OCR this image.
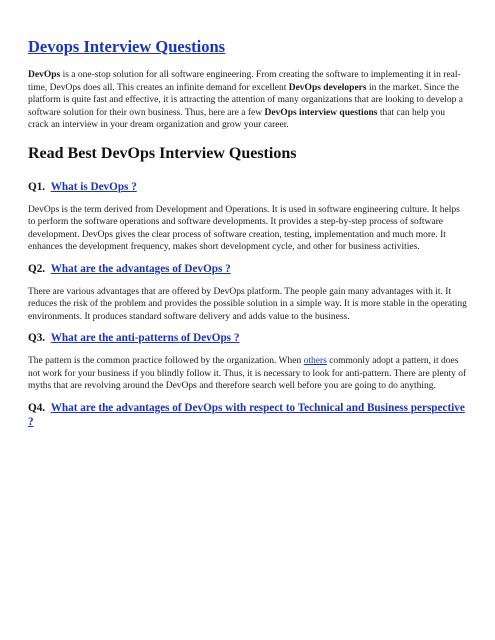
Devops Interview Questions

DevOps is a one-stop solution for all software engineering. From creating the software to implementing it in real-time, DevOps does all. This creates an infinite demand for excellent DevOps developers in the market. Since the platform is quite fast and effective, it is attracting the attention of many organizations that are looking to develop a software solution for their own business. Thus, here are a few DevOps interview questions that can help you crack an interview in your dream organization and grow your career.

Read Best DevOps Interview Questions
Q1. What is DevOps ?

DevOps is the term derived from Development and Operations. It is used in software engineering culture. It helps to perform the software operations and software developments. It provides a step-by-step process of software development. DevOps gives the clear process of software creation, testing, implementation and much more. It enhances the development frequency, makes short development cycle, and other for business activities.

Q2. What are the advantages of DevOps ?

There are various advantages that are offered by DevOps platform. The people gain many advantages with it. It reduces the risk of the problem and provides the possible solution in a simple way. It is more stable in the operating environments. It produces standard software delivery and adds value to the business.

Q3. What are the anti-patterns of DevOps ?

The pattern is the common practice followed by the organization. When others commonly adopt a pattern, it does not work for your business if you blindly follow it. Thus, it is necessary to look for anti-pattern. There are plenty of myths that are revolving around the DevOps and therefore search well before you are going to do anything.

Q4. What are the advantages of DevOps with respect to Technical and Business perspective ?
